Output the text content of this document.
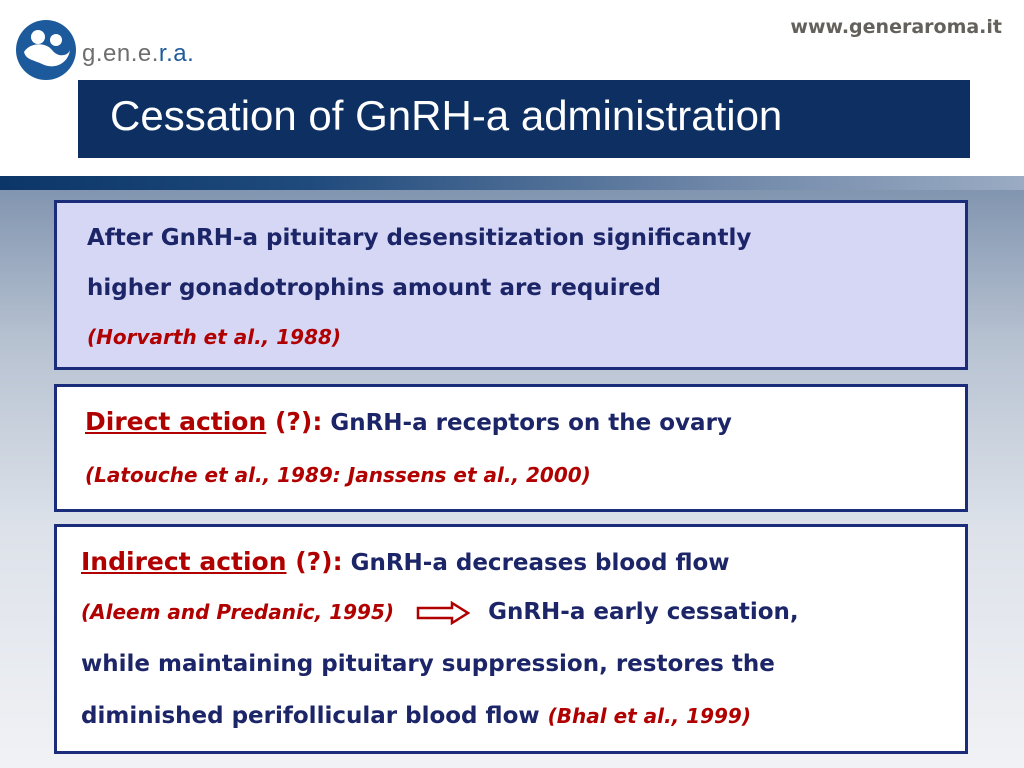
www.generaroma.it
g.en.e.r.a.
Cessation of GnRH-a administration
After GnRH-a pituitary desensitization significantly
higher gonadotrophins amount are required
(Horvarth et al., 1988)
Direct action (?): GnRH-a receptors on the ovary
(Latouche et al., 1989: Janssens et al., 2000)
Indirect action (?): GnRH-a decreases blood flow
(Aleem and Predanic, 1995)	GnRH-a early cessation,
while maintaining pituitary suppression, restores the
diminished perifollicular blood flow (Bhal et al., 1999)
